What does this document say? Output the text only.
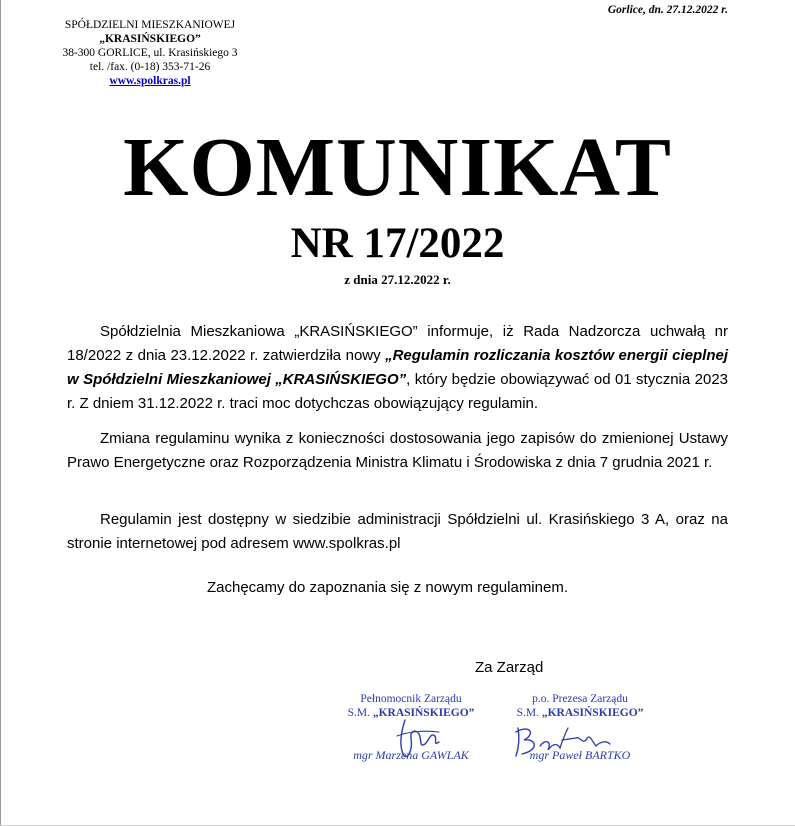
SPÓŁDZIELNI MIESZKANIOWEJ
„KRASIŃSKIEGO”
38-300 GORLICE, ul. Krasińskiego 3
tel. /fax. (0-18) 353-71-26
www.spolkras.pl
Gorlice, dn. 27.12.2022 r.
KOMUNIKAT
NR 17/2022
z dnia 27.12.2022 r.

Spółdzielnia Mieszkaniowa „KRASIŃSKIEGO” informuje, iż Rada Nadzorcza uchwałą nr 18/2022 z dnia 23.12.2022 r. zatwierdziła nowy „Regulamin rozliczania kosztów energii cieplnej w Spółdzielni Mieszkaniowej „KRASIŃSKIEGO”, który będzie obowiązywać od 01 stycznia 2023 r. Z dniem 31.12.2022 r. traci moc dotychczas obowiązujący regulamin.

Zmiana regulaminu wynika z konieczności dostosowania jego zapisów do zmienionej Ustawy Prawo Energetyczne oraz Rozporządzenia Ministra Klimatu i Środowiska z dnia 7 grudnia 2021 r.

Regulamin jest dostępny w siedzibie administracji Spółdzielni ul. Krasińskiego 3 A, oraz na stronie internetowej pod adresem www.spolkras.pl

Zachęcamy do zapoznania się z nowym regulaminem.
Za Zarząd
Pełnomocnik Zarządu
S.M. „KRASIŃSKIEGO”
mgr Marzena GAWLAK
p.o. Prezesa Zarządu
S.M. „KRASIŃSKIEGO”
mgr Paweł BARTKO
